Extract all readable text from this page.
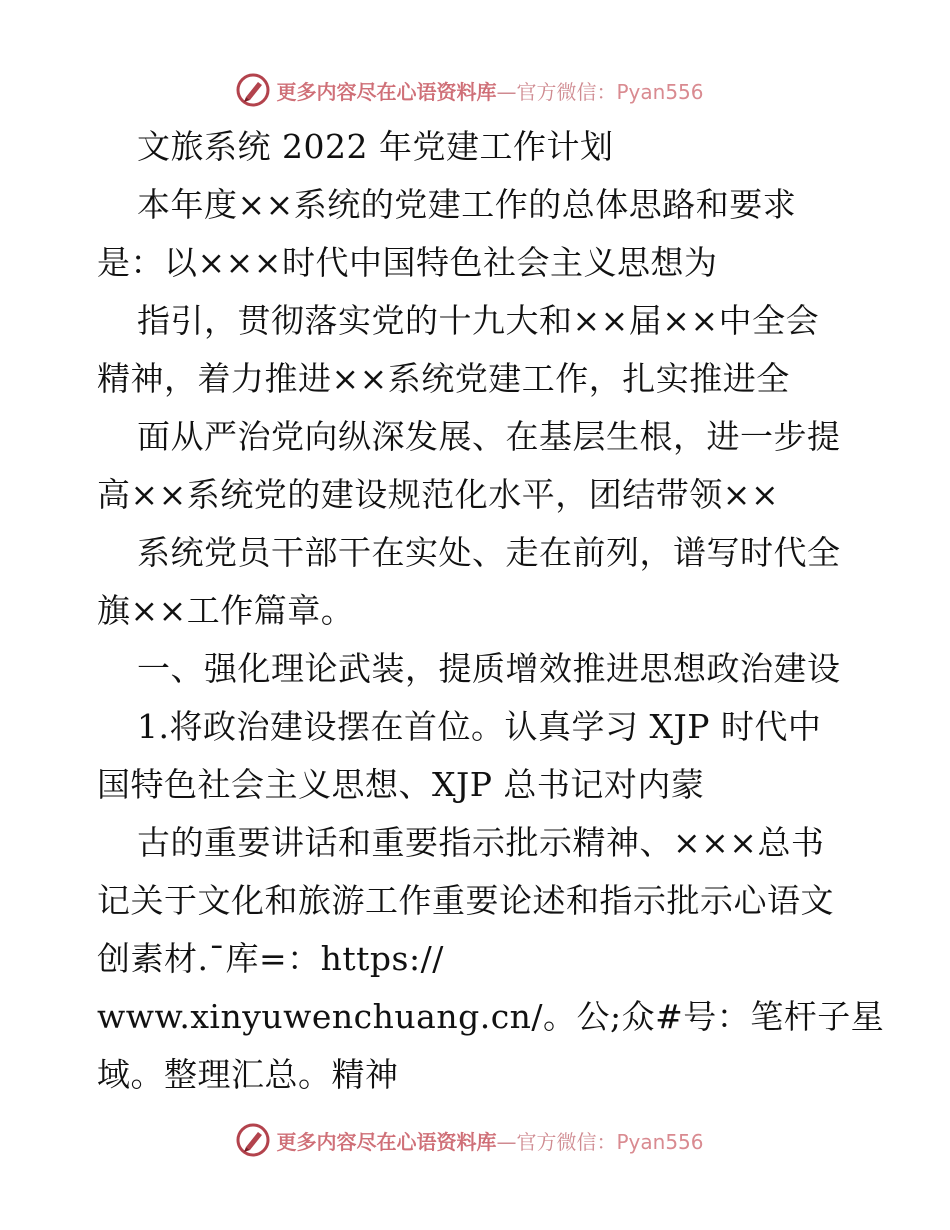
更多内容尽在心语资料库—官方微信：Pyan556
文旅系统 2022 年党建工作计划
本年度××系统的党建工作的总体思路和要求
是：以×××时代中国特色社会主义思想为
指引，贯彻落实党的十九大和××届××中全会
精神，着力推进××系统党建工作，扎实推进全
面从严治党向纵深发展、在基层生根，进一步提
高××系统党的建设规范化水平，团结带领××
系统党员干部干在实处、走在前列，谱写时代全
旗××工作篇章。
一、强化理论武装，提质增效推进思想政治建设
1.将政治建设摆在首位。认真学习 XJP 时代中
国特色社会主义思想、XJP 总书记对内蒙
古的重要讲话和重要指示批示精神、×××总书
记关于文化和旅游工作重要论述和指示批示心语文
创素材.¯库=：https://
www.xinyuwenchuang.cn/。公;众#号：笔杆子星
域。整理汇总。精神
更多内容尽在心语资料库—官方微信：Pyan556
